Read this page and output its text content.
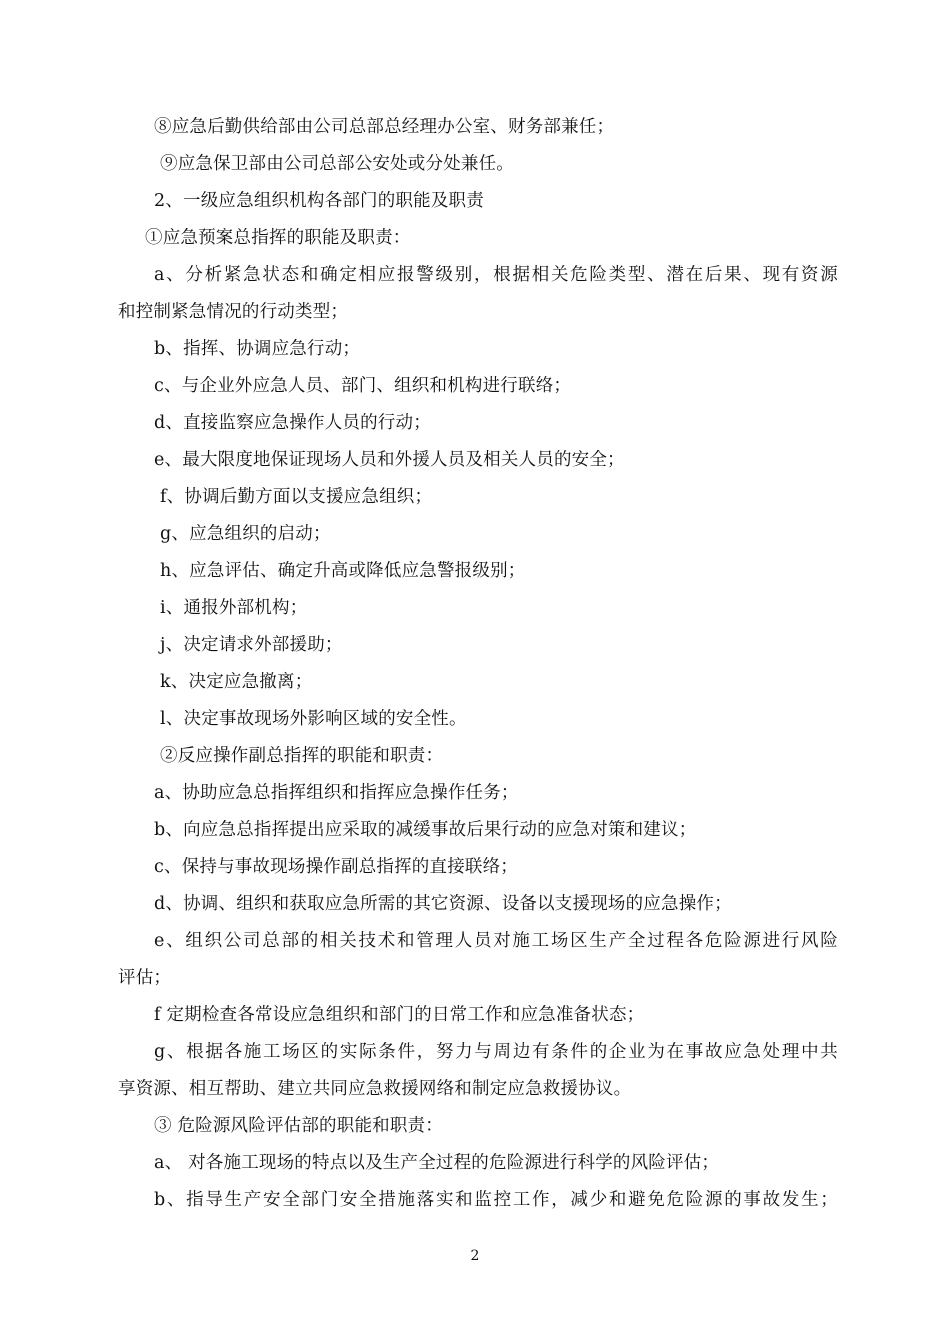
⑧应急后勤供给部由公司总部总经理办公室、财务部兼任；
⑨应急保卫部由公司总部公安处或分处兼任。
2、一级应急组织机构各部门的职能及职责
①应急预案总指挥的职能及职责：
a、分析紧急状态和确定相应报警级别，根据相关危险类型、潜在后果、现有资源
和控制紧急情况的行动类型；
b、指挥、协调应急行动；
c、与企业外应急人员、部门、组织和机构进行联络；
d、直接监察应急操作人员的行动；
e、最大限度地保证现场人员和外援人员及相关人员的安全；
f、协调后勤方面以支援应急组织；
g、应急组织的启动；
h、应急评估、确定升高或降低应急警报级别；
i、通报外部机构；
j、决定请求外部援助；
k、决定应急撤离；
l、决定事故现场外影响区域的安全性。
②反应操作副总指挥的职能和职责：
a、协助应急总指挥组织和指挥应急操作任务；
b、向应急总指挥提出应采取的减缓事故后果行动的应急对策和建议；
c、保持与事故现场操作副总指挥的直接联络；
d、协调、组织和获取应急所需的其它资源、设备以支援现场的应急操作；
e、组织公司总部的相关技术和管理人员对施工场区生产全过程各危险源进行风险
评估；
f 定期检查各常设应急组织和部门的日常工作和应急准备状态；
g、根据各施工场区的实际条件，努力与周边有条件的企业为在事故应急处理中共
享资源、相互帮助、建立共同应急救援网络和制定应急救援协议。
③ 危险源风险评估部的职能和职责：
a、 对各施工现场的特点以及生产全过程的危险源进行科学的风险评估；
b、指导生产安全部门安全措施落实和监控工作，减少和避免危险源的事故发生；
2
